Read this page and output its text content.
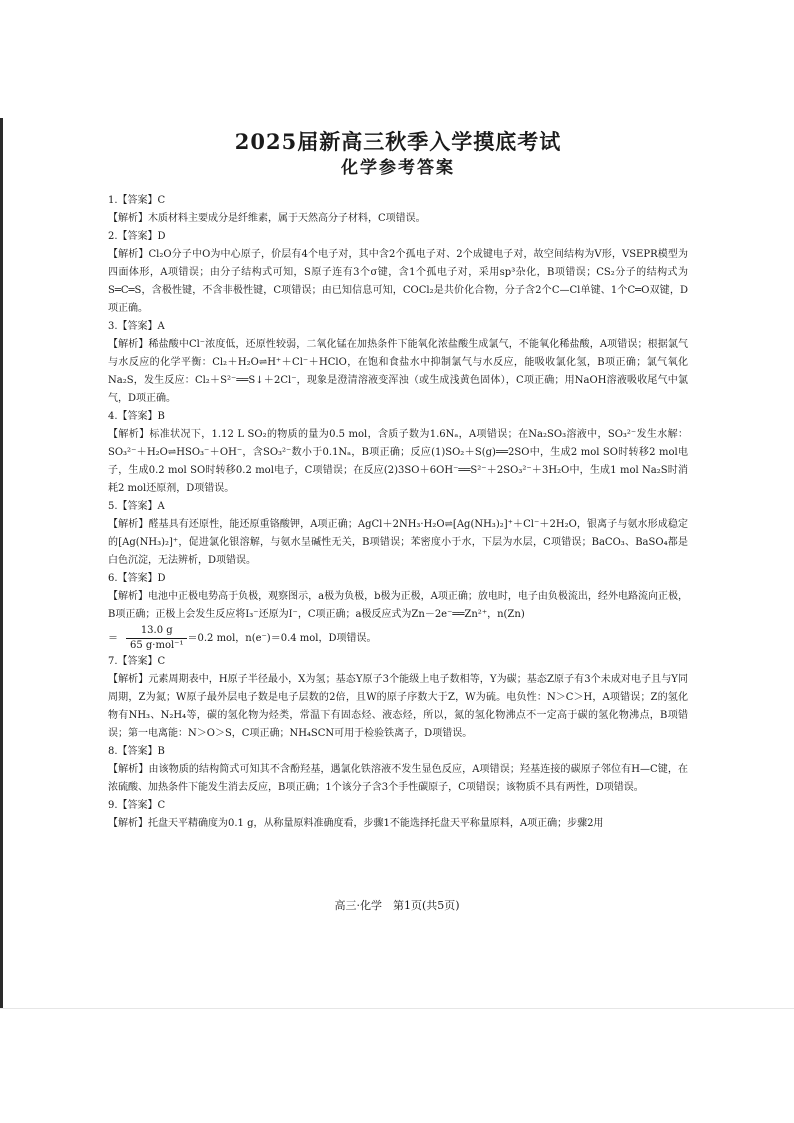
2025届新高三秋季入学摸底考试
化学参考答案

1.【答案】C

【解析】木质材料主要成分是纤维素，属于天然高分子材料，C项错误。

2.【答案】D

【解析】Cl₂O分子中O为中心原子，价层有4个电子对，其中含2个孤电子对、2个成键电子对，故空间结构为V形，VSEPR模型为四面体形，A项错误；由分子结构式可知，S原子连有3个σ键，含1个孤电子对，采用sp³杂化，B项错误；CS₂分子的结构式为S═C═S，含极性键，不含非极性键，C项错误；由已知信息可知，COCl₂是共价化合物，分子含2个C—Cl单键、1个C═O双键，D项正确。

3.【答案】A

【解析】稀盐酸中Cl⁻浓度低，还原性较弱，二氧化锰在加热条件下能氧化浓盐酸生成氯气，不能氧化稀盐酸，A项错误；根据氯气与水反应的化学平衡：Cl₂＋H₂O⇌H⁺＋Cl⁻＋HClO，在饱和食盐水中抑制氯气与水反应，能吸收氯化氢，B项正确；氯气氧化Na₂S，发生反应：Cl₂＋S²⁻══S↓＋2Cl⁻，现象是澄清溶液变浑浊（或生成浅黄色固体），C项正确；用NaOH溶液吸收尾气中氯气，D项正确。

4.【答案】B

【解析】标准状况下，1.12 L SO₂的物质的量为0.5 mol，含质子数为1.6Nₐ，A项错误；在Na₂SO₃溶液中，SO₃²⁻发生水解：SO₃²⁻＋H₂O⇌HSO₃⁻＋OH⁻，含SO₃²⁻数小于0.1Nₐ，B项正确；反应(1)SO₂＋S(g)══2SO中，生成2 mol SO时转移2 mol电子，生成0.2 mol SO时转移0.2 mol电子，C项错误；在反应(2)3SO＋6OH⁻══S²⁻＋2SO₃²⁻＋3H₂O中，生成1 mol Na₂S时消耗2 mol还原剂，D项错误。

5.【答案】A

【解析】醛基具有还原性，能还原重铬酸钾，A项正确；AgCl＋2NH₃·H₂O⇌[Ag(NH₃)₂]⁺＋Cl⁻＋2H₂O，银离子与氨水形成稳定的[Ag(NH₃)₂]⁺，促进氯化银溶解，与氨水呈碱性无关，B项错误；苯密度小于水，下层为水层，C项错误；BaCO₃、BaSO₄都是白色沉淀，无法辨析，D项错误。

6.【答案】D

【解析】电池中正极电势高于负极，观察图示，a极为负极，b极为正极，A项正确；放电时，电子由负极流出，经外电路流向正极，B项正确；正极上会发生反应将I₃⁻还原为I⁻，C项正确；a极反应式为Zn－2e⁻══Zn²⁺，n(Zn)

＝ $\frac{13.0 g}{\text{65 g·mol⁻¹}} =0.2$ mol，n(e⁻)＝0.4 mol，D项错误。

7.【答案】C

【解析】元素周期表中，H原子半径最小，X为氢；基态Y原子3个能级上电子数相等，Y为碳；基态Z原子有3个未成对电子且与Y同周期，Z为氮；W原子最外层电子数是电子层数的2倍，且W的原子序数大于Z，W为硫。电负性：N＞C＞H，A项错误；Z的氢化物有NH₃、N₂H₄等，碳的氢化物为烃类，常温下有固态烃、液态烃，所以，氮的氢化物沸点不一定高于碳的氢化物沸点，B项错误；第一电离能：N＞O＞S，C项正确；NH₄SCN可用于检验铁离子，D项错误。

8.【答案】B

【解析】由该物质的结构简式可知其不含酚羟基，遇氯化铁溶液不发生显色反应，A项错误；羟基连接的碳原子邻位有H—C键，在浓硫酸、加热条件下能发生消去反应，B项正确；1个该分子含3个手性碳原子，C项错误；该物质不具有两性，D项错误。

9.【答案】C

【解析】托盘天平精确度为0.1 g，从称量原料准确度看，步骤1不能选择托盘天平称量原料，A项正确；步骤2用

高三·化学　第1页(共5页)
